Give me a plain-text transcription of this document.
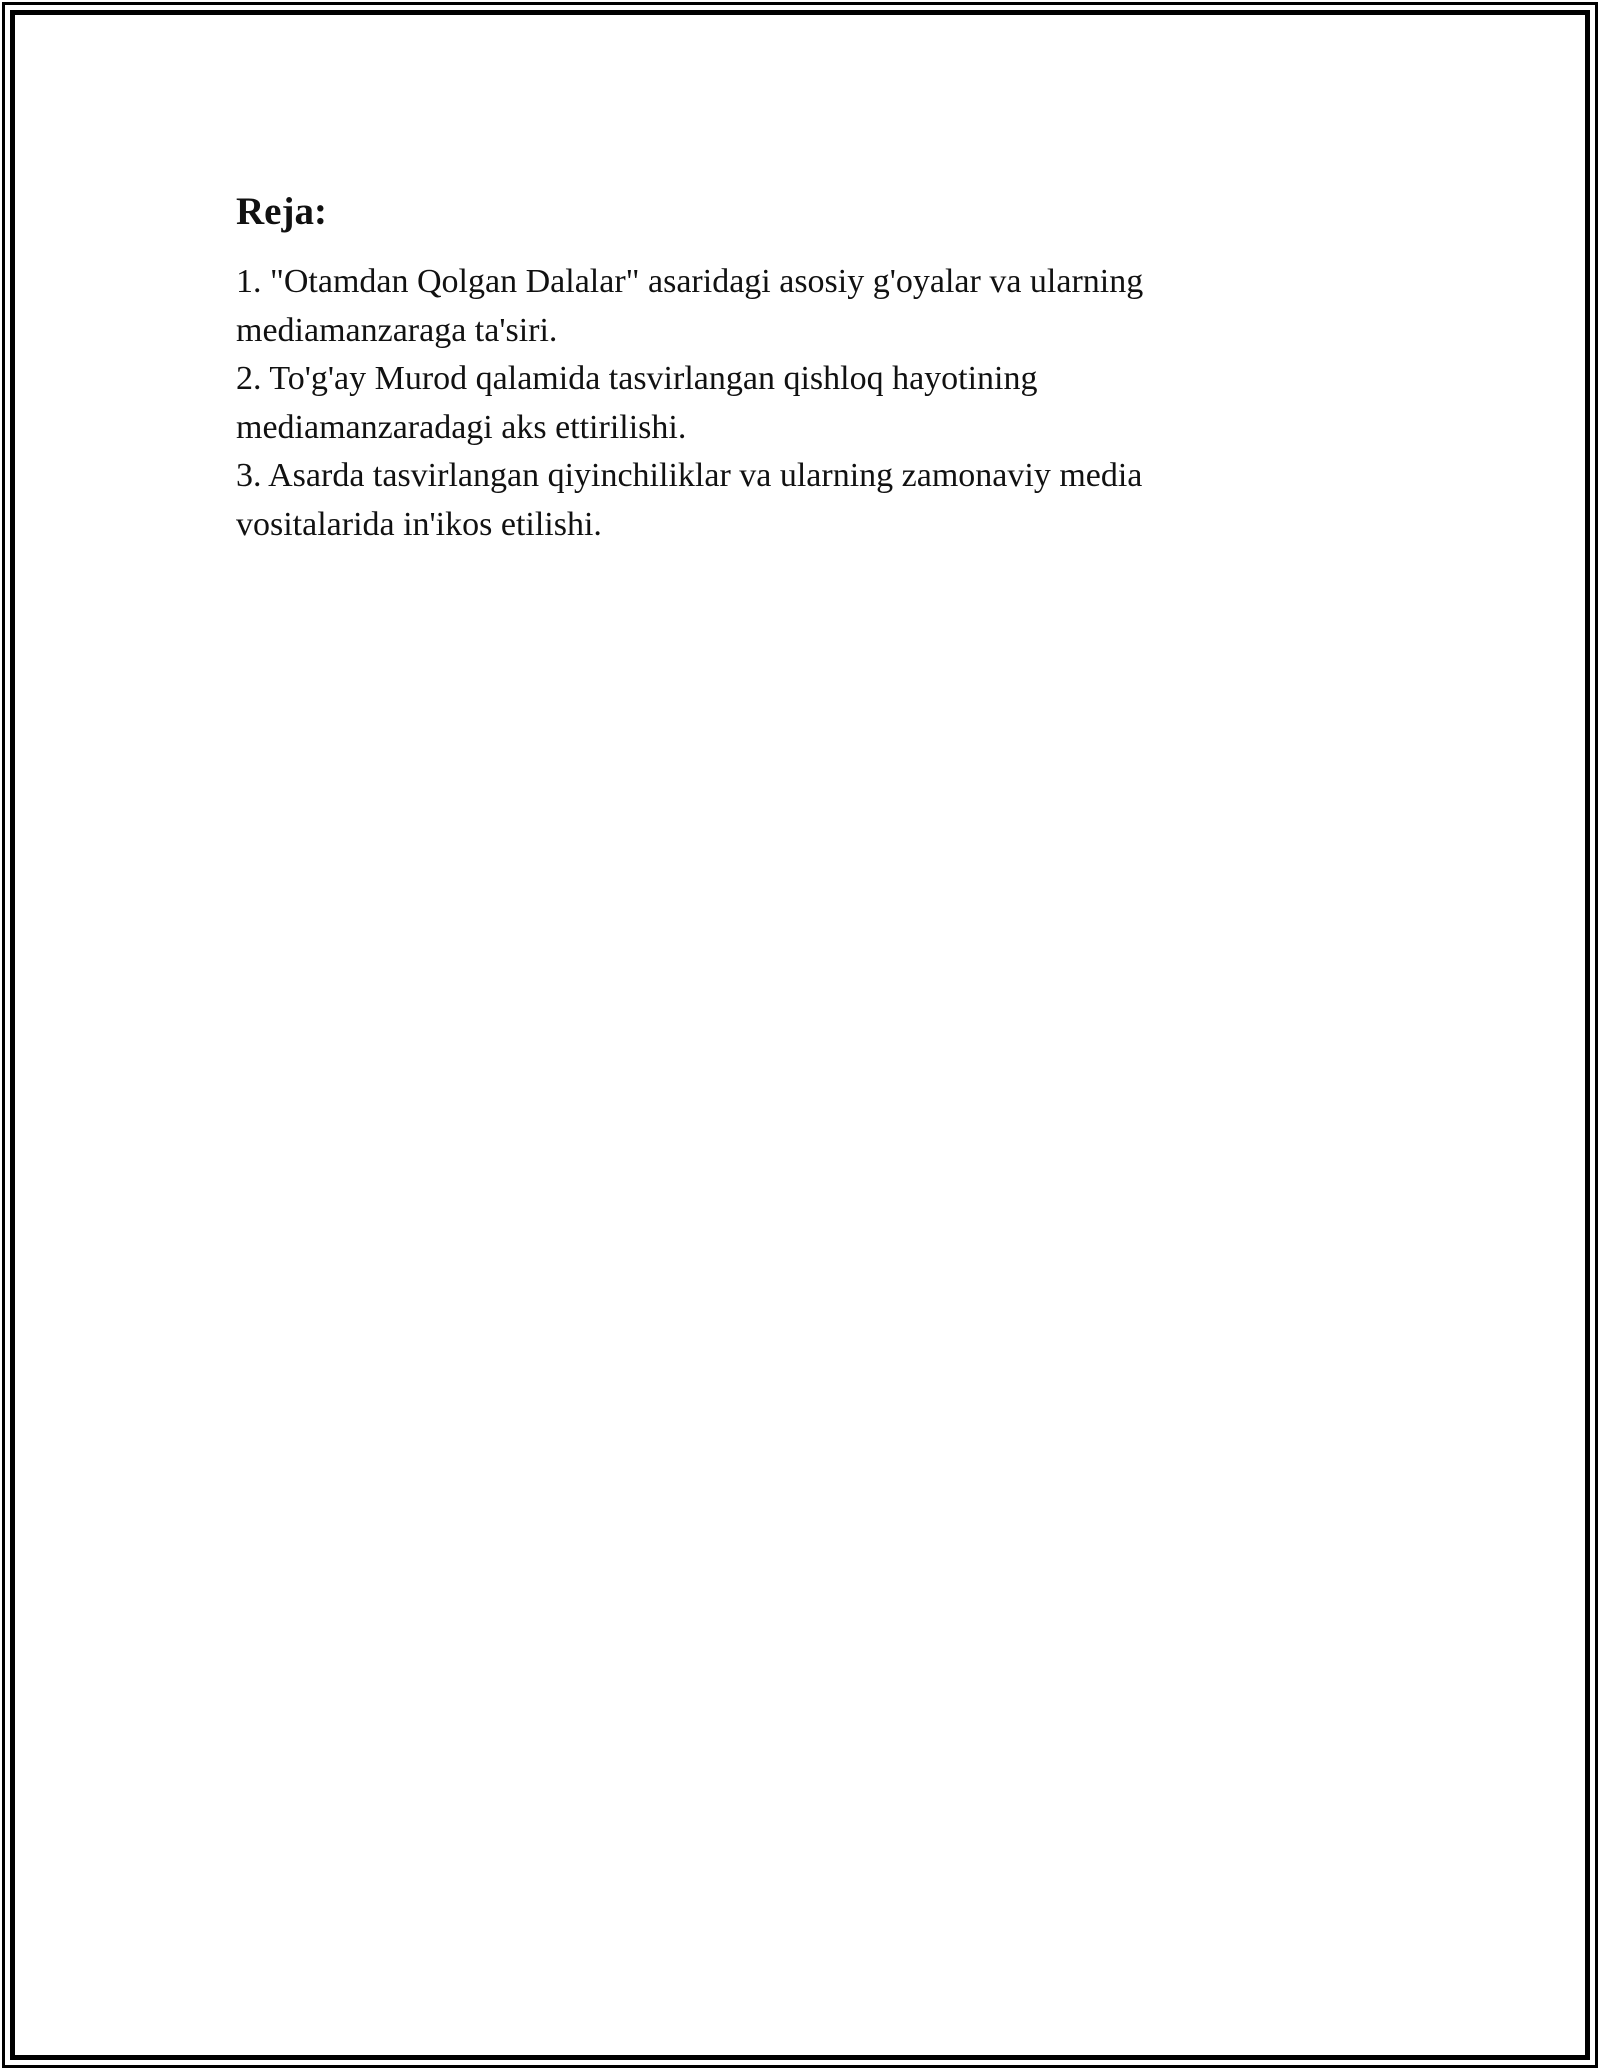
Reja:
1. "Otamdan Qolgan Dalalar" asaridagi asosiy g'oyalar va ularning mediamanzaraga ta'siri.
2. To'g'ay Murod qalamida tasvirlangan qishloq hayotining mediamanzaradagi aks ettirilishi.
3. Asarda tasvirlangan qiyinchiliklar va ularning zamonaviy media vositalarida in'ikos etilishi.
